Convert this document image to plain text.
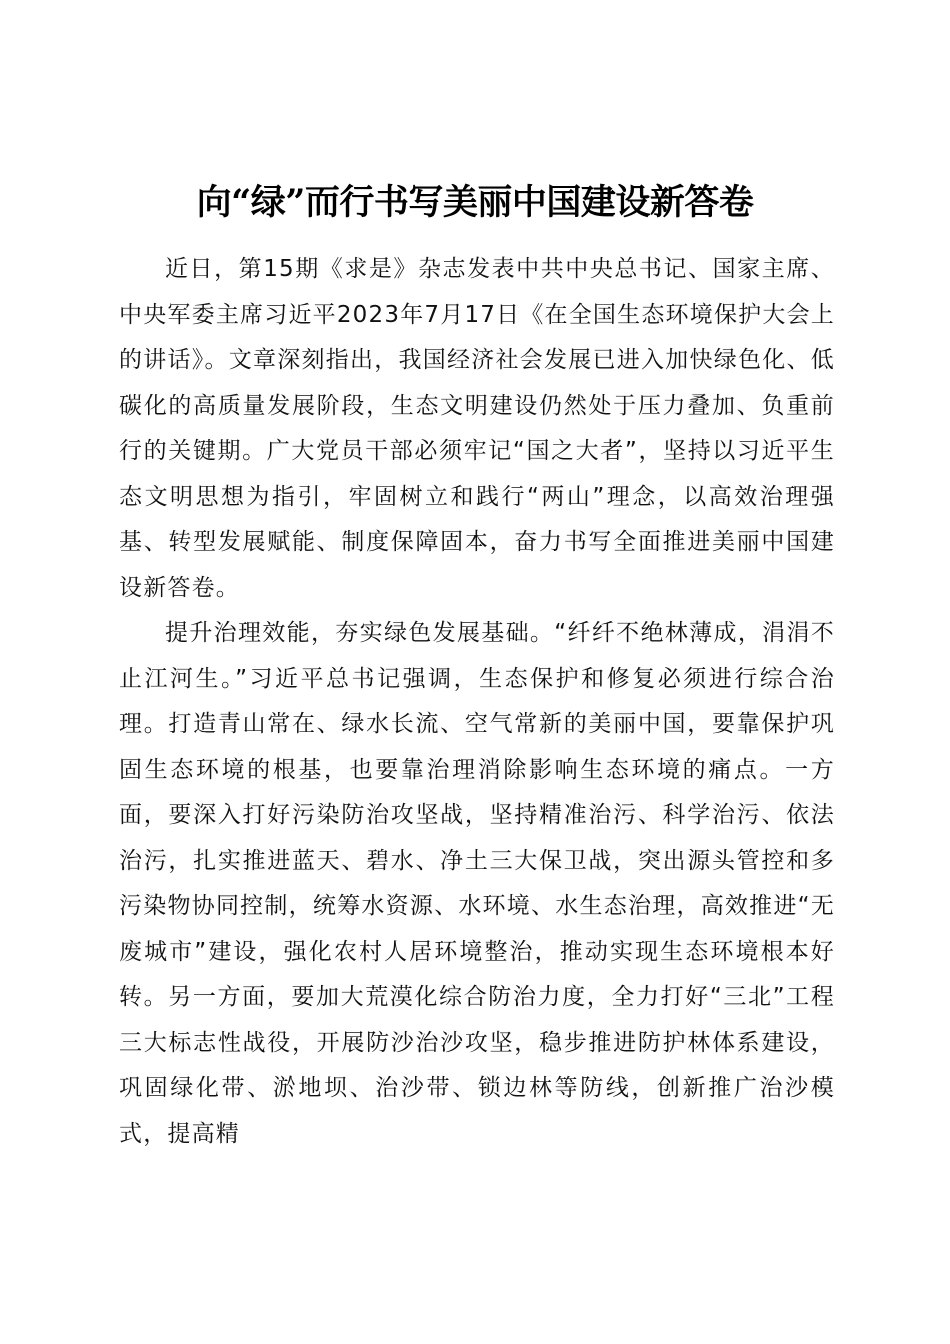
向“绿”而行书写美丽中国建设新答卷

近日，第15期《求是》杂志发表中共中央总书记、国家主席、中央军委主席习近平2023年7月17日《在全国生态环境保护大会上的讲话》。文章深刻指出，我国经济社会发展已进入加快绿色化、低碳化的高质量发展阶段，生态文明建设仍然处于压力叠加、负重前行的关键期。广大党员干部必须牢记“国之大者”，坚持以习近平生态文明思想为指引，牢固树立和践行“两山”理念，以高效治理强基、转型发展赋能、制度保障固本，奋力书写全面推进美丽中国建设新答卷。

提升治理效能，夯实绿色发展基础。“纤纤不绝林薄成，涓涓不止江河生。”习近平总书记强调，生态保护和修复必须进行综合治理。打造青山常在、绿水长流、空气常新的美丽中国，要靠保护巩固生态环境的根基，也要靠治理消除影响生态环境的痛点。一方面，要深入打好污染防治攻坚战，坚持精准治污、科学治污、依法治污，扎实推进蓝天、碧水、净土三大保卫战，突出源头管控和多污染物协同控制，统筹水资源、水环境、水生态治理，高效推进“无废城市”建设，强化农村人居环境整治，推动实现生态环境根本好转。另一方面，要加大荒漠化综合防治力度，全力打好“三北”工程三大标志性战役，开展防沙治沙攻坚，稳步推进防护林体系建设，巩固绿化带、淤地坝、治沙带、锁边林等防线，创新推广治沙模式，提高精
